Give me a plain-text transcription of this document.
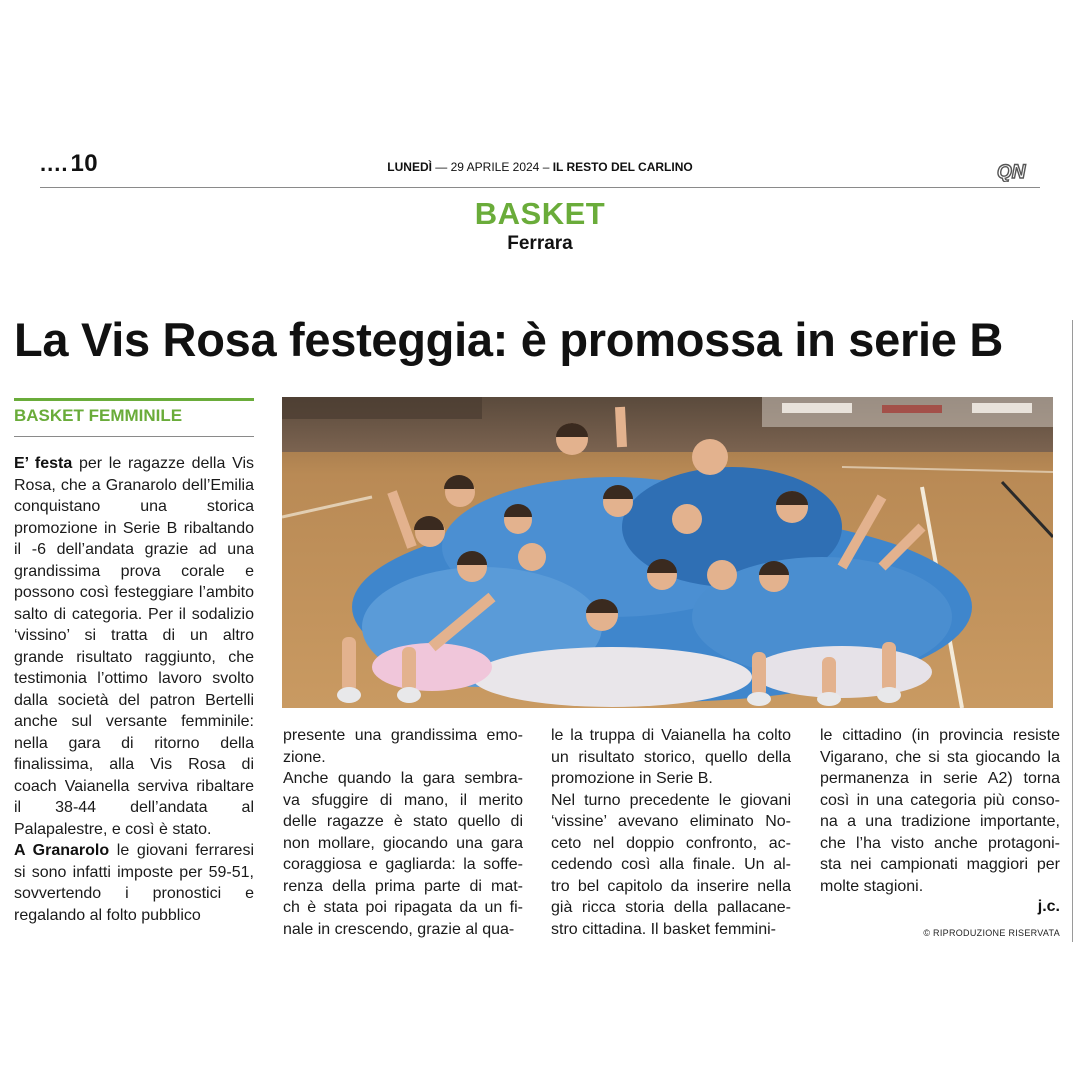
....10	LUNEDÌ — 29 APRILE 2024 – IL RESTO DEL CARLINO	QN
BASKET
Ferrara
La Vis Rosa festeggia: è promossa in serie B
BASKET FEMMINILE
E’ festa per le ragazze della Vis Rosa, che a Granarolo dell’Emilia conquistano una storica promozione in Serie B ribaltando il -6 dell’andata grazie ad una grandissima prova corale e possono così festeggiare l’ambito salto di categoria. Per il sodalizio ‘vissino’ si tratta di un altro grande risultato raggiunto, che testimonia l’ottimo lavoro svolto dalla società del patron Bertelli anche sul versante femminile: nella gara di ritorno della finalissima, alla Vis Rosa di coach Vaianella serviva ribaltare il 38-44 dell’andata al Palapalestre, e così è stato.
A Granarolo le giovani ferraresi si sono infatti imposte per 59-51, sovvertendo i pronostici e regalando al folto pubblico
presente una grandissima emo-
zione.
Anche quando la gara sembra-
va sfuggire di mano, il merito
delle ragazze è stato quello di
non mollare, giocando una gara
coraggiosa e gagliarda: la soffe-
renza della prima parte di mat-
ch è stata poi ripagata da un fi-
nale in crescendo, grazie al qua-
le la truppa di Vaianella ha colto
un risultato storico, quello della
promozione in Serie B.
Nel turno precedente le giovani
‘vissine’ avevano eliminato No-
ceto nel doppio confronto, ac-
cedendo così alla finale. Un al-
tro bel capitolo da inserire nella
già ricca storia della pallacane-
stro cittadina. Il basket femmini-
le cittadino (in provincia resiste
Vigarano, che si sta giocando la
permanenza in serie A2) torna
così in una categoria più conso-
na a una tradizione importante,
che l’ha visto anche protagoni-
sta nei campionati maggiori per
molte stagioni.
j.c.
© RIPRODUZIONE RISERVATA
